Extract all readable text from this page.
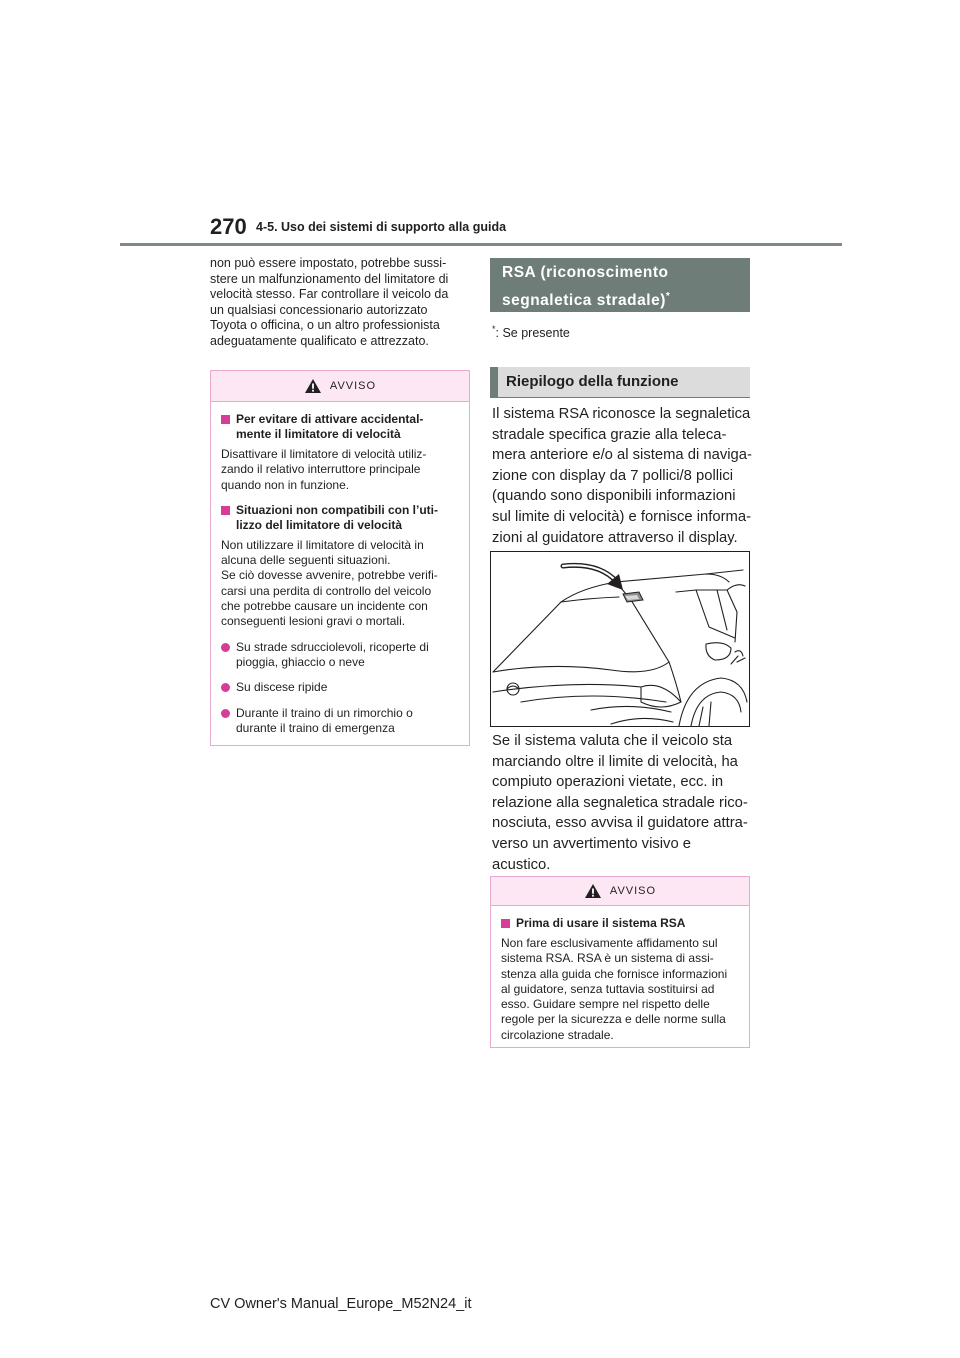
270 4-5. Uso dei sistemi di supporto alla guida
non può essere impostato, potrebbe sussi-
stere un malfunzionamento del limitatore di
velocità stesso. Far controllare il veicolo da
un qualsiasi concessionario autorizzato
Toyota o officina, o un altro professionista
adeguatamente qualificato e attrezzato.
AVVISO
Per evitare di attivare accidental-
mente il limitatore di velocità
Disattivare il limitatore di velocità utiliz-
zando il relativo interruttore principale
quando non in funzione.
Situazioni non compatibili con l’uti-
lizzo del limitatore di velocità
Non utilizzare il limitatore di velocità in
alcuna delle seguenti situazioni.
Se ciò dovesse avvenire, potrebbe verifi-
carsi una perdita di controllo del veicolo
che potrebbe causare un incidente con
conseguenti lesioni gravi o mortali.
Su strade sdrucciolevoli, ricoperte di
pioggia, ghiaccio o neve
Su discese ripide
Durante il traino di un rimorchio o
durante il traino di emergenza
RSA (riconoscimento
segnaletica stradale)*
*: Se presente
Riepilogo della funzione
Il sistema RSA riconosce la segnaletica
stradale specifica grazie alla teleca-
mera anteriore e/o al sistema di naviga-
zione con display da 7 pollici/8 pollici
(quando sono disponibili informazioni
sul limite di velocità) e fornisce informa-
zioni al guidatore attraverso il display.
Se il sistema valuta che il veicolo sta
marciando oltre il limite di velocità, ha
compiuto operazioni vietate, ecc. in
relazione alla segnaletica stradale rico-
nosciuta, esso avvisa il guidatore attra-
verso un avvertimento visivo e
acustico.
AVVISO
Prima di usare il sistema RSA
Non fare esclusivamente affidamento sul
sistema RSA. RSA è un sistema di assi-
stenza alla guida che fornisce informazioni
al guidatore, senza tuttavia sostituirsi ad
esso. Guidare sempre nel rispetto delle
regole per la sicurezza e delle norme sulla
circolazione stradale.
CV Owner's Manual_Europe_M52N24_it
